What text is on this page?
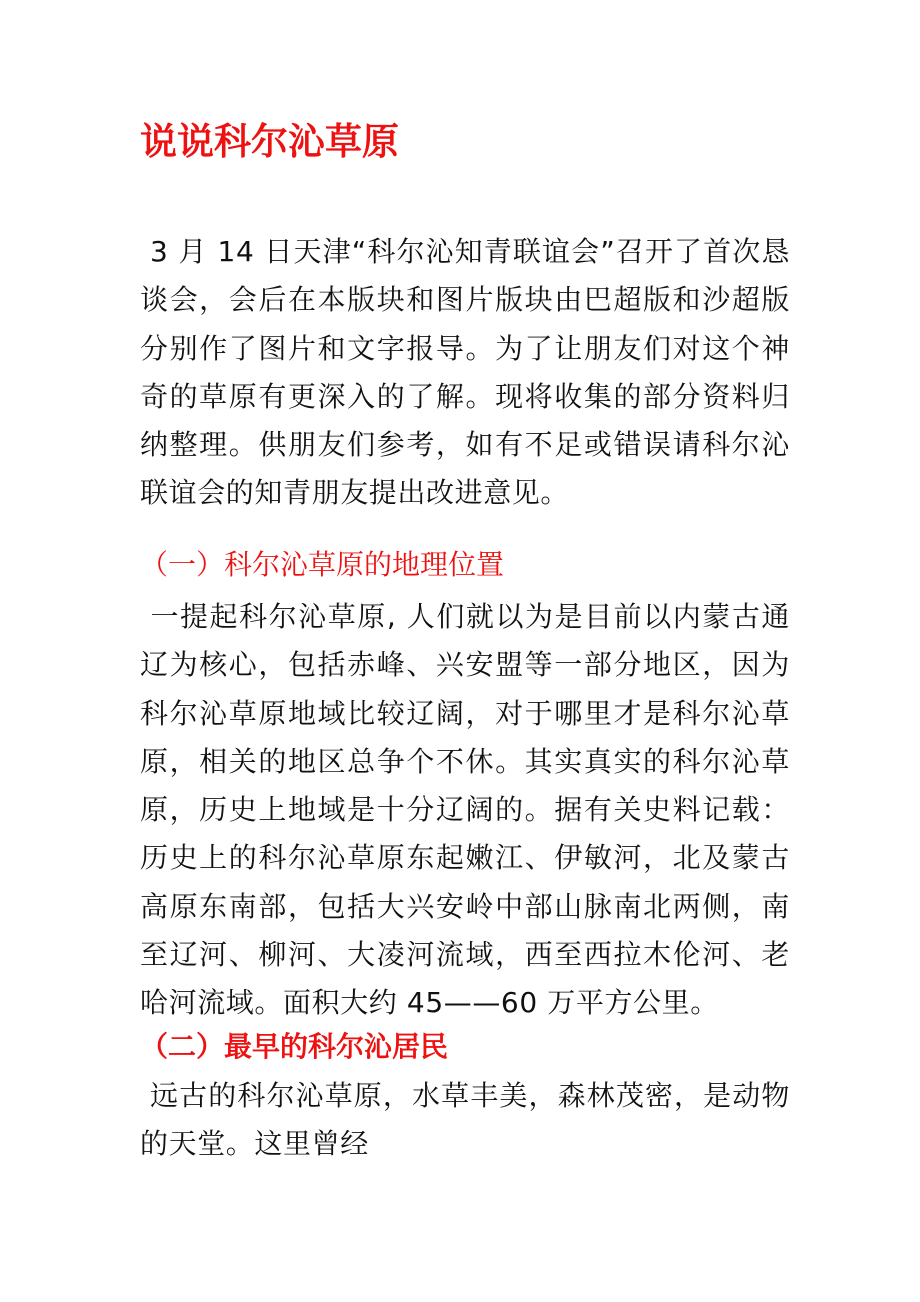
说说科尔沁草原

3 月 14 日天津“科尔沁知青联谊会”召开了首次恳谈会，会后在本版块和图片版块由巴超版和沙超版分别作了图片和文字报导。为了让朋友们对这个神奇的草原有更深入的了解。现将收集的部分资料归纳整理。供朋友们参考，如有不足或错误请科尔沁联谊会的知青朋友提出改进意见。

（一）科尔沁草原的地理位置

一提起科尔沁草原, 人们就以为是目前以内蒙古通辽为核心，包括赤峰、兴安盟等一部分地区，因为科尔沁草原地域比较辽阔，对于哪里才是科尔沁草原，相关的地区总争个不休。其实真实的科尔沁草原，历史上地域是十分辽阔的。据有关史料记载：历史上的科尔沁草原东起嫩江、伊敏河，北及蒙古高原东南部，包括大兴安岭中部山脉南北两侧，南至辽河、柳河、大凌河流域，西至西拉木伦河、老哈河流域。面积大约 45——60 万平方公里。

（二）最早的科尔沁居民

远古的科尔沁草原，水草丰美，森林茂密，是动物的天堂。这里曾经
